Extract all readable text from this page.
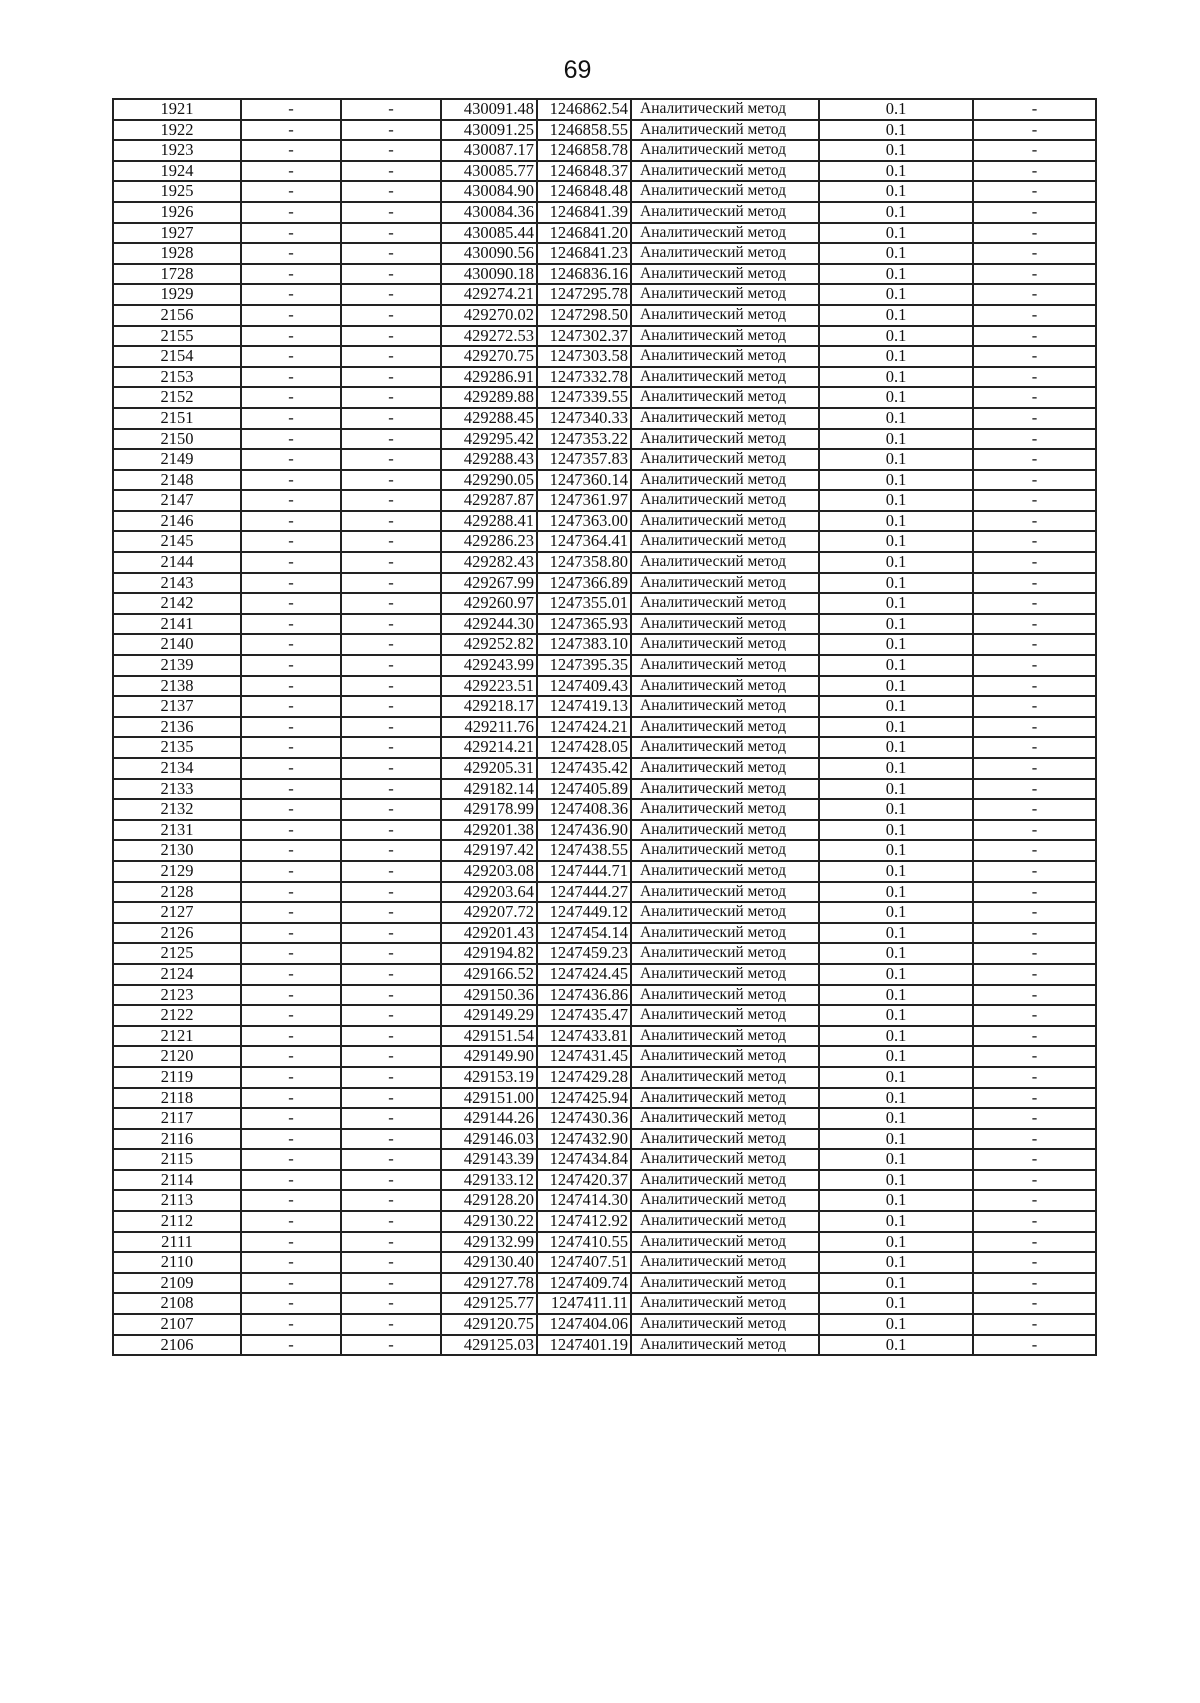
69
1921	-	-	430091.48	1246862.54	Аналитический метод	0.1	-
1922	-	-	430091.25	1246858.55	Аналитический метод	0.1	-
1923	-	-	430087.17	1246858.78	Аналитический метод	0.1	-
1924	-	-	430085.77	1246848.37	Аналитический метод	0.1	-
1925	-	-	430084.90	1246848.48	Аналитический метод	0.1	-
1926	-	-	430084.36	1246841.39	Аналитический метод	0.1	-
1927	-	-	430085.44	1246841.20	Аналитический метод	0.1	-
1928	-	-	430090.56	1246841.23	Аналитический метод	0.1	-
1728	-	-	430090.18	1246836.16	Аналитический метод	0.1	-
1929	-	-	429274.21	1247295.78	Аналитический метод	0.1	-
2156	-	-	429270.02	1247298.50	Аналитический метод	0.1	-
2155	-	-	429272.53	1247302.37	Аналитический метод	0.1	-
2154	-	-	429270.75	1247303.58	Аналитический метод	0.1	-
2153	-	-	429286.91	1247332.78	Аналитический метод	0.1	-
2152	-	-	429289.88	1247339.55	Аналитический метод	0.1	-
2151	-	-	429288.45	1247340.33	Аналитический метод	0.1	-
2150	-	-	429295.42	1247353.22	Аналитический метод	0.1	-
2149	-	-	429288.43	1247357.83	Аналитический метод	0.1	-
2148	-	-	429290.05	1247360.14	Аналитический метод	0.1	-
2147	-	-	429287.87	1247361.97	Аналитический метод	0.1	-
2146	-	-	429288.41	1247363.00	Аналитический метод	0.1	-
2145	-	-	429286.23	1247364.41	Аналитический метод	0.1	-
2144	-	-	429282.43	1247358.80	Аналитический метод	0.1	-
2143	-	-	429267.99	1247366.89	Аналитический метод	0.1	-
2142	-	-	429260.97	1247355.01	Аналитический метод	0.1	-
2141	-	-	429244.30	1247365.93	Аналитический метод	0.1	-
2140	-	-	429252.82	1247383.10	Аналитический метод	0.1	-
2139	-	-	429243.99	1247395.35	Аналитический метод	0.1	-
2138	-	-	429223.51	1247409.43	Аналитический метод	0.1	-
2137	-	-	429218.17	1247419.13	Аналитический метод	0.1	-
2136	-	-	429211.76	1247424.21	Аналитический метод	0.1	-
2135	-	-	429214.21	1247428.05	Аналитический метод	0.1	-
2134	-	-	429205.31	1247435.42	Аналитический метод	0.1	-
2133	-	-	429182.14	1247405.89	Аналитический метод	0.1	-
2132	-	-	429178.99	1247408.36	Аналитический метод	0.1	-
2131	-	-	429201.38	1247436.90	Аналитический метод	0.1	-
2130	-	-	429197.42	1247438.55	Аналитический метод	0.1	-
2129	-	-	429203.08	1247444.71	Аналитический метод	0.1	-
2128	-	-	429203.64	1247444.27	Аналитический метод	0.1	-
2127	-	-	429207.72	1247449.12	Аналитический метод	0.1	-
2126	-	-	429201.43	1247454.14	Аналитический метод	0.1	-
2125	-	-	429194.82	1247459.23	Аналитический метод	0.1	-
2124	-	-	429166.52	1247424.45	Аналитический метод	0.1	-
2123	-	-	429150.36	1247436.86	Аналитический метод	0.1	-
2122	-	-	429149.29	1247435.47	Аналитический метод	0.1	-
2121	-	-	429151.54	1247433.81	Аналитический метод	0.1	-
2120	-	-	429149.90	1247431.45	Аналитический метод	0.1	-
2119	-	-	429153.19	1247429.28	Аналитический метод	0.1	-
2118	-	-	429151.00	1247425.94	Аналитический метод	0.1	-
2117	-	-	429144.26	1247430.36	Аналитический метод	0.1	-
2116	-	-	429146.03	1247432.90	Аналитический метод	0.1	-
2115	-	-	429143.39	1247434.84	Аналитический метод	0.1	-
2114	-	-	429133.12	1247420.37	Аналитический метод	0.1	-
2113	-	-	429128.20	1247414.30	Аналитический метод	0.1	-
2112	-	-	429130.22	1247412.92	Аналитический метод	0.1	-
2111	-	-	429132.99	1247410.55	Аналитический метод	0.1	-
2110	-	-	429130.40	1247407.51	Аналитический метод	0.1	-
2109	-	-	429127.78	1247409.74	Аналитический метод	0.1	-
2108	-	-	429125.77	1247411.11	Аналитический метод	0.1	-
2107	-	-	429120.75	1247404.06	Аналитический метод	0.1	-
2106	-	-	429125.03	1247401.19	Аналитический метод	0.1	-
